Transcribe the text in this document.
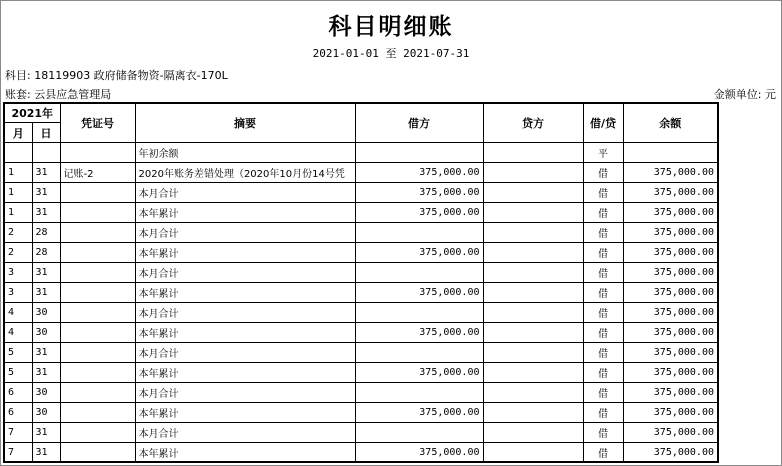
科目明细账
2021-01-01 至 2021-07-31
科目: 18119903 政府储备物资-隔离衣-170L
账套: 云县应急管理局	金额单位: 元
2021年		凭证号	摘要	借方	贷方	借/贷	余额
月	日						
			年初余额			平	
1	31	记账-2	2020年账务差错处理（2020年10月份14号凭	375,000.00		借	375,000.00
1	31		本月合计	375,000.00		借	375,000.00
1	31		本年累计	375,000.00		借	375,000.00
2	28		本月合计			借	375,000.00
2	28		本年累计	375,000.00		借	375,000.00
3	31		本月合计			借	375,000.00
3	31		本年累计	375,000.00		借	375,000.00
4	30		本月合计			借	375,000.00
4	30		本年累计	375,000.00		借	375,000.00
5	31		本月合计			借	375,000.00
5	31		本年累计	375,000.00		借	375,000.00
6	30		本月合计			借	375,000.00
6	30		本年累计	375,000.00		借	375,000.00
7	31		本月合计			借	375,000.00
7	31		本年累计	375,000.00		借	375,000.00
